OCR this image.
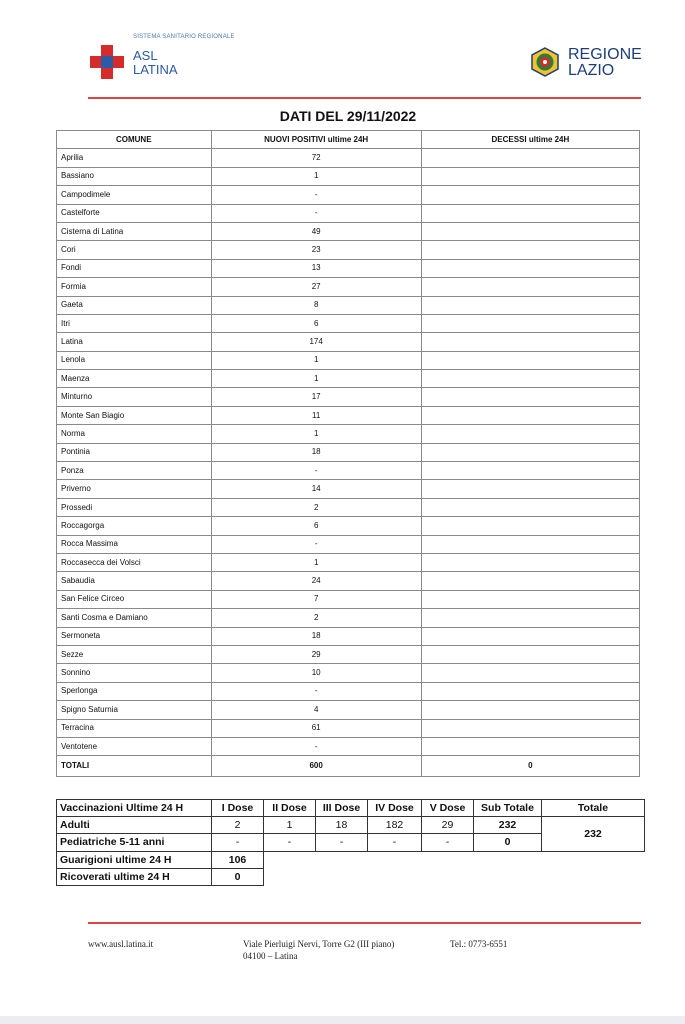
SISTEMA SANITARIO REGIONALE
ASL
LATINA
REGIONE
LAZIO
DATI DEL 29/11/2022
COMUNE	NUOVI POSITIVI ultime 24H	DECESSI ultime 24H
Aprilia	72	
Bassiano	1	
Campodimele	-	
Castelforte	-	
Cisterna di Latina	49	
Cori	23	
Fondi	13	
Formia	27	
Gaeta	8	
Itri	6	
Latina	174	
Lenola	1	
Maenza	1	
Minturno	17	
Monte San Biagio	11	
Norma	1	
Pontinia	18	
Ponza	-	
Priverno	14	
Prossedi	2	
Roccagorga	6	
Rocca Massima	-	
Roccasecca dei Volsci	1	
Sabaudia	24	
San Felice Circeo	7	
Santi Cosma e Damiano	2	
Sermoneta	18	
Sezze	29	
Sonnino	10	
Sperlonga	-	
Spigno Saturnia	4	
Terracina	61	
Ventotene	-	
TOTALI	600	0
Vaccinazioni Ultime 24 H	I Dose	II Dose	III Dose	IV Dose	V Dose	Sub Totale	Totale
Adulti	2	1	18	182	29	232	232
Pediatriche 5-11 anni	-	-	-	-	-	0	
Guarigioni ultime 24 H	106						
Ricoverati ultime 24 H	0						
www.ausl.latina.it	Viale Pierluigi Nervi, Torre G2 (III piano)
04100 – Latina
Tel.: 0773-6551
